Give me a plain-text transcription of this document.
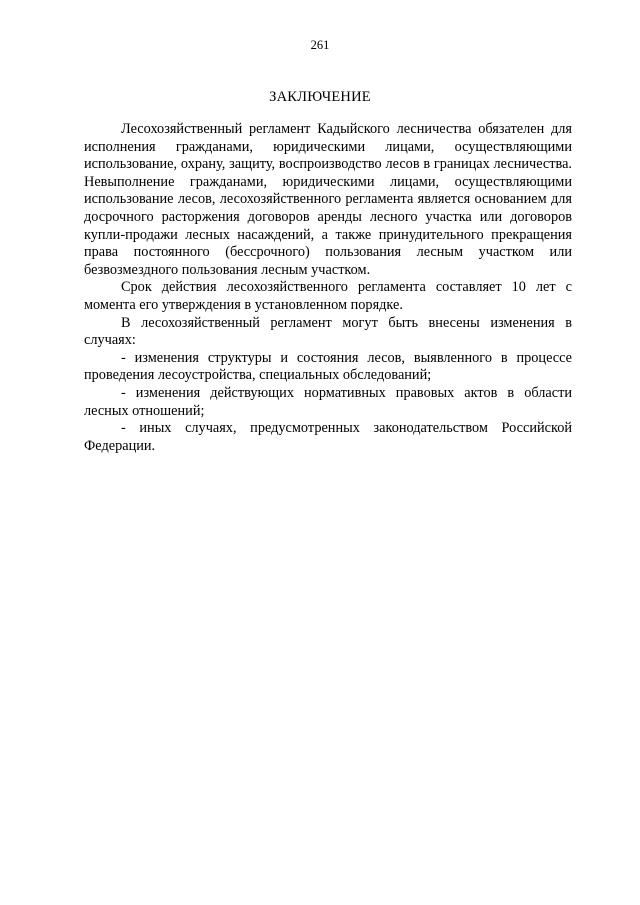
261
ЗАКЛЮЧЕНИЕ

Лесохозяйственный регламент Кадыйского лесничества обязателен для исполнения гражданами, юридическими лицами, осуществляющими использование, охрану, защиту, воспроизводство лесов в границах лесничества. Невыполнение гражданами, юридическими лицами, осуществляющими использование лесов, лесохозяйственного регламента является основанием для досрочного расторжения договоров аренды лесного участка или договоров купли-продажи лесных насаждений, а также принудительного прекращения права постоянного (бессрочного) пользования лесным участком или безвозмездного пользования лесным участком.

Срок действия лесохозяйственного регламента составляет 10 лет с момента его утверждения в установленном порядке.

В лесохозяйственный регламент могут быть внесены изменения в случаях:

- изменения структуры и состояния лесов, выявленного в процессе проведения лесоустройства, специальных обследований;

- изменения действующих нормативных правовых актов в области лесных отношений;

- иных случаях, предусмотренных законодательством Российской Федерации.
